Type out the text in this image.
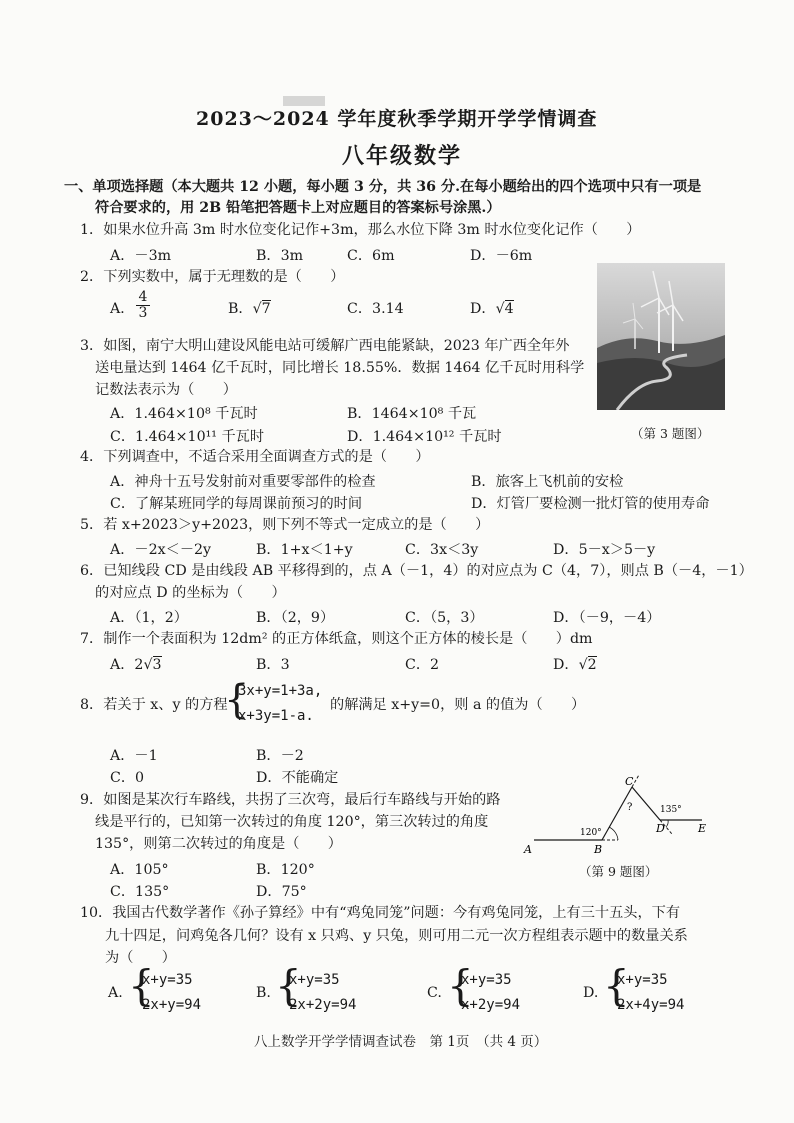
2023～2024 学年度秋季学期开学学情调查
八年级数学
一、单项选择题（本大题共 12 小题，每小题 3 分，共 36 分.在每小题给出的四个选项中只有一项是
符合要求的，用 2B 铅笔把答题卡上对应题目的答案标号涂黑.）
1．如果水位升高 3m 时水位变化记作+3m，那么水位下降 3m 时水位变化记作（　　）
A．－3m	B．3m	C．6m	D．－6m
2．下列实数中，属于无理数的是（　　）
A． $\frac{4}{3}$	B．√7	C．3.14	D．√4
（第 3 题图）
3．如图，南宁大明山建设风能电站可缓解广西电能紧缺，2023 年广西全年外
送电量达到 1464 亿千瓦时，同比增长 18.55%．数据 1464 亿千瓦时用科学
记数法表示为（　　）
A．1.464×10⁸ 千瓦时	B．1464×10⁸ 千瓦
C．1.464×10¹¹ 千瓦时	D．1.464×10¹² 千瓦时
4．下列调查中，不适合采用全面调查方式的是（　　）
A．神舟十五号发射前对重要零部件的检查	B．旅客上飞机前的安检
C．了解某班同学的每周课前预习的时间	D．灯管厂要检测一批灯管的使用寿命
5．若 x+2023＞y+2023，则下列不等式一定成立的是（　　）
A．－2x＜－2y	B．1+x＜1+y	C．3x＜3y	D．5－x＞5－y
6．已知线段 CD 是由线段 AB 平移得到的，点 A（－1，4）的对应点为 C（4，7），则点 B（－4，－1）
的对应点 D 的坐标为（　　）
A．（1，2）	B．（2，9）	C．（5，3）	D．（－9，－4）
7．制作一个表面积为 12dm² 的正方体纸盒，则这个正方体的棱长是（　　）dm
A．2√3	B．3	C．2	D．√2
8．若关于 x、y 的方程
{
3x+y=1+3a,
x+3y=1-a.
的解满足 x+y=0，则 a 的值为（　　）
A．－1	B．－2
C．0	D．不能确定
9．如图是某次行车路线，共拐了三次弯，最后行车路线与开始的路
线是平行的，已知第一次转过的角度 120°，第三次转过的角度
135°，则第二次转过的角度是（　　）
A．105°	B．120°
C．135°	D．75°
C
?	135°
120°	D	E
A	B
（第 9 题图）
10．我国古代数学著作《孙子算经》中有“鸡兔同笼”问题：今有鸡兔同笼，上有三十五头，下有
九十四足，问鸡兔各几何？设有 x 只鸡、y 只兔，则可用二元一次方程组表示题中的数量关系
为（　　）
A. {
x+y=35
2x+y=94
B. {
x+y=35
2x+2y=94
C. {
x+y=35
x+2y=94
D. {
x+y=35
2x+4y=94
八上数学开学学情调查试卷　第 1页　（共 4 页）
